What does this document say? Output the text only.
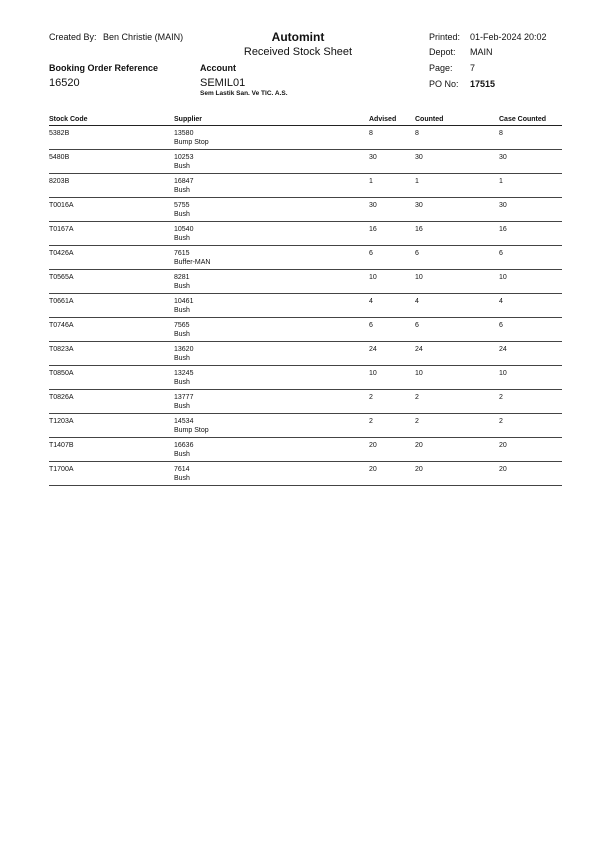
Created By: Ben Christie (MAIN)
Booking Order Reference
16520
Automint
Received Stock Sheet
Account
SEMIL01
Sem Lastik San. Ve TIC. A.S.
Printed: 01-Feb-2024 20:02
Depot: MAIN
Page: 7
PO No: 17515
Stock Code	Supplier	Advised	Counted	Case Counted

5382B	13580
Bump Stop	8	8	8

5480B	10253
Bush	30	30	30

8203B	16847
Bush	1	1	1

T0016A	5755
Bush	30	30	30

T0167A	10540
Bush	16	16	16

T0426A	7615
Buffer-MAN	6	6	6

T0565A	8281
Bush	10	10	10

T0661A	10461
Bush	4	4	4

T0746A	7565
Bush	6	6	6

T0823A	13620
Bush	24	24	24

T0850A	13245
Bush	10	10	10

T0826A	13777
Bush	2	2	2

T1203A	14534
Bump Stop	2	2	2

T1407B	16636
Bush	20	20	20

T1700A	7614
Bush	20	20	20
